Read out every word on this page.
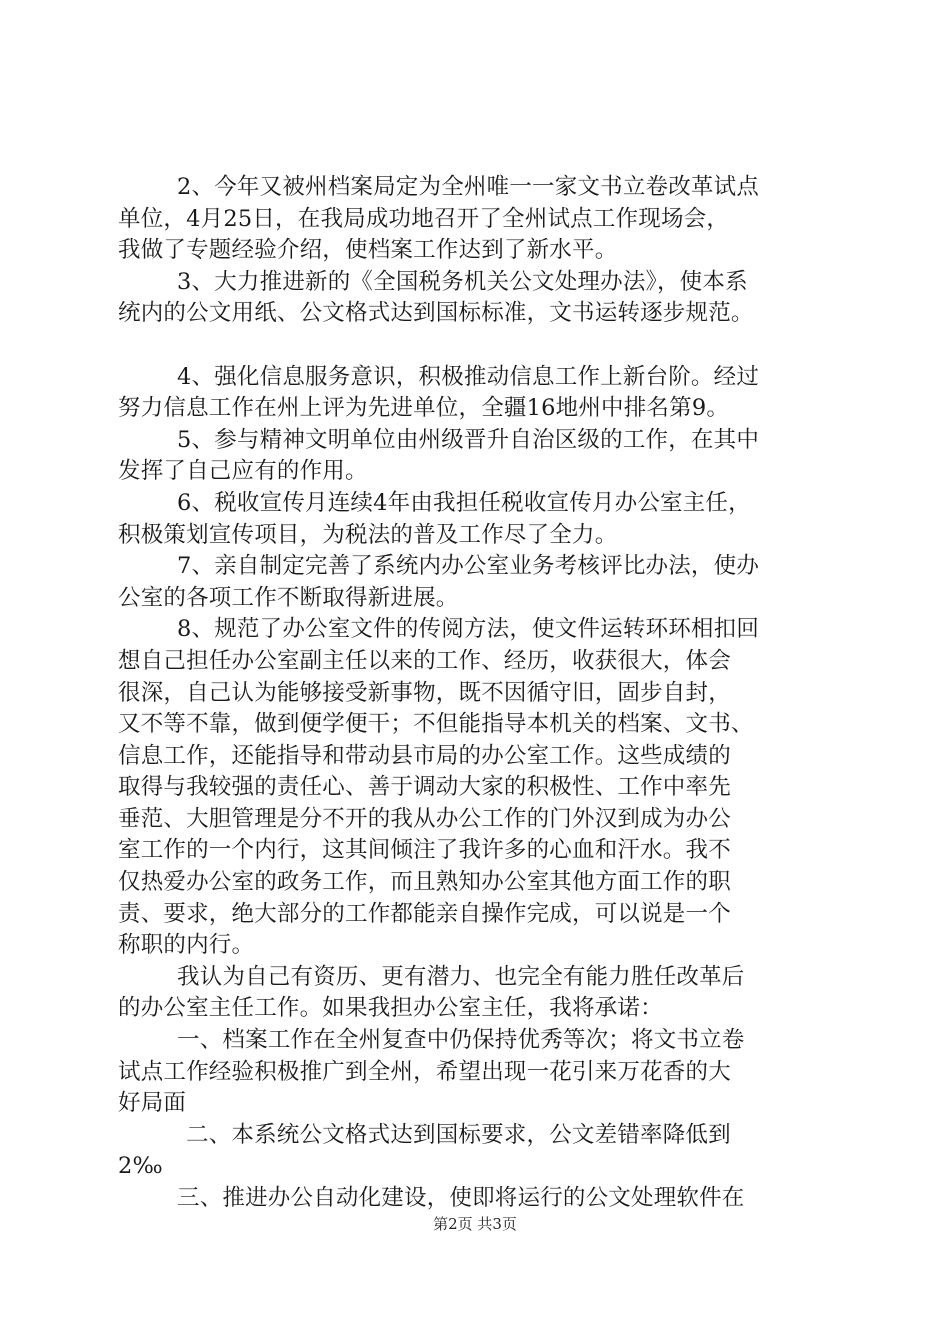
2、今年又被州档案局定为全州唯一一家文书立卷改革试点
单位，4月25日，在我局成功地召开了全州试点工作现场会，
我做了专题经验介绍，使档案工作达到了新水平。
3、大力推进新的《全国税务机关公文处理办法》，使本系
统内的公文用纸、公文格式达到国标标准，文书运转逐步规范。
4、强化信息服务意识，积极推动信息工作上新台阶。经过
努力信息工作在州上评为先进单位，全疆16地州中排名第9。
5、参与精神文明单位由州级晋升自治区级的工作，在其中
发挥了自己应有的作用。
6、税收宣传月连续4年由我担任税收宣传月办公室主任，
积极策划宣传项目，为税法的普及工作尽了全力。
7、亲自制定完善了系统内办公室业务考核评比办法，使办
公室的各项工作不断取得新进展。
8、规范了办公室文件的传阅方法，使文件运转环环相扣回
想自己担任办公室副主任以来的工作、经历，收获很大，体会
很深，自己认为能够接受新事物，既不因循守旧，固步自封，
又不等不靠，做到便学便干；不但能指导本机关的档案、文书、
信息工作，还能指导和带动县市局的办公室工作。这些成绩的
取得与我较强的责任心、善于调动大家的积极性、工作中率先
垂范、大胆管理是分不开的我从办公工作的门外汉到成为办公
室工作的一个内行，这其间倾注了我许多的心血和汗水。我不
仅热爱办公室的政务工作，而且熟知办公室其他方面工作的职
责、要求，绝大部分的工作都能亲自操作完成，可以说是一个
称职的内行。
我认为自己有资历、更有潜力、也完全有能力胜任改革后
的办公室主任工作。如果我担办公室主任，我将承诺：
一、档案工作在全州复查中仍保持优秀等次；将文书立卷
试点工作经验积极推广到全州，希望出现一花引来万花香的大
好局面
二、本系统公文格式达到国标要求，公文差错率降低到
2‰
三、推进办公自动化建设，使即将运行的公文处理软件在
第2页 共3页
